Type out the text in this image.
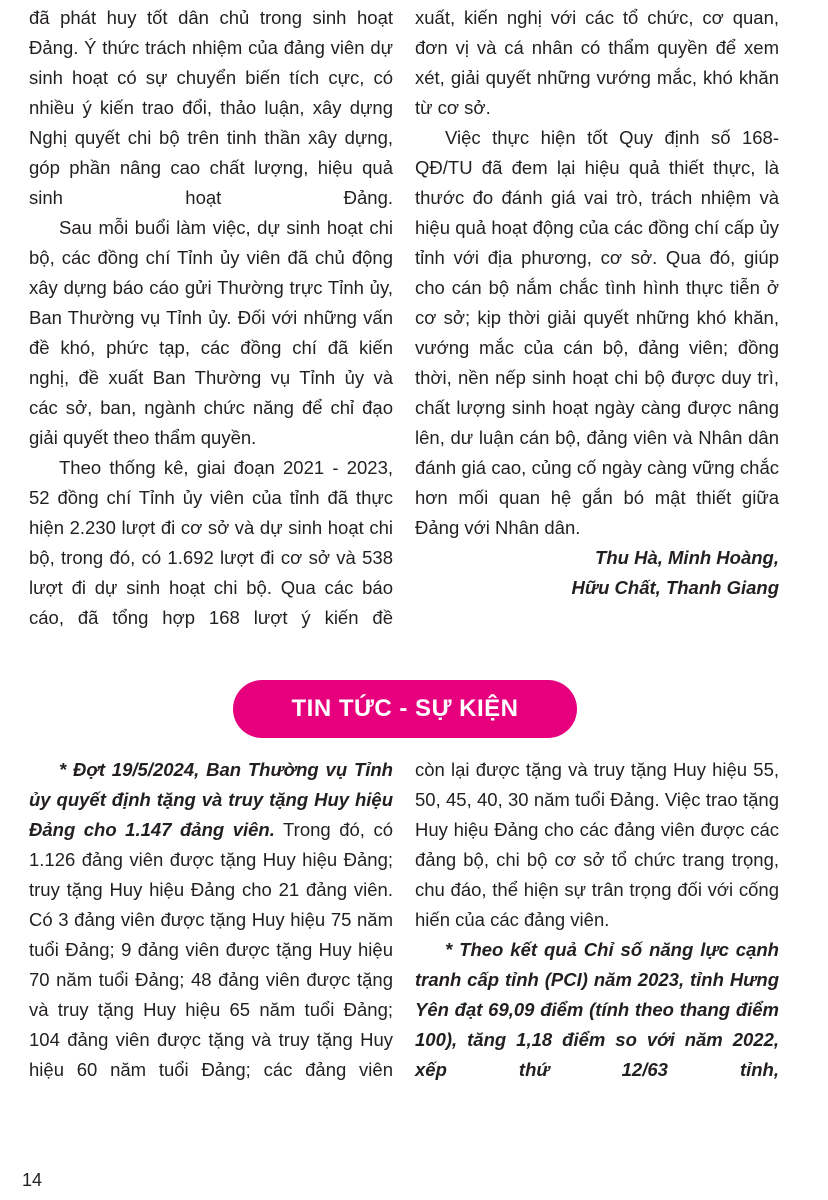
đã phát huy tốt dân chủ trong sinh hoạt Đảng. Ý thức trách nhiệm của đảng viên dự sinh hoạt có sự chuyển biến tích cực, có nhiều ý kiến trao đổi, thảo luận, xây dựng Nghị quyết chi bộ trên tinh thần xây dựng, góp phần nâng cao chất lượng, hiệu quả sinh hoạt Đảng.

Sau mỗi buổi làm việc, dự sinh hoạt chi bộ, các đồng chí Tỉnh ủy viên đã chủ động xây dựng báo cáo gửi Thường trực Tỉnh ủy, Ban Thường vụ Tỉnh ủy. Đối với những vấn đề khó, phức tạp, các đồng chí đã kiến nghị, đề xuất Ban Thường vụ Tỉnh ủy và các sở, ban, ngành chức năng để chỉ đạo giải quyết theo thẩm quyền.

Theo thống kê, giai đoạn 2021 - 2023, 52 đồng chí Tỉnh ủy viên của tỉnh đã thực hiện 2.230 lượt đi cơ sở và dự sinh hoạt chi bộ, trong đó, có 1.692 lượt đi cơ sở và 538 lượt đi dự sinh hoạt chi bộ. Qua các báo cáo, đã tổng hợp 168 lượt ý kiến đề

xuất, kiến nghị với các tổ chức, cơ quan, đơn vị và cá nhân có thẩm quyền để xem xét, giải quyết những vướng mắc, khó khăn từ cơ sở.

Việc thực hiện tốt Quy định số 168-QĐ/TU đã đem lại hiệu quả thiết thực, là thước đo đánh giá vai trò, trách nhiệm và hiệu quả hoạt động của các đồng chí cấp ủy tỉnh với địa phương, cơ sở. Qua đó, giúp cho cán bộ nắm chắc tình hình thực tiễn ở cơ sở; kịp thời giải quyết những khó khăn, vướng mắc của cán bộ, đảng viên; đồng thời, nền nếp sinh hoạt chi bộ được duy trì, chất lượng sinh hoạt ngày càng được nâng lên, dư luận cán bộ, đảng viên và Nhân dân đánh giá cao, củng cố ngày càng vững chắc hơn mối quan hệ gắn bó mật thiết giữa Đảng với Nhân dân.

Thu Hà, Minh Hoàng,

Hữu Chất, Thanh Giang

TIN TỨC - SỰ KIỆN

* Đợt 19/5/2024, Ban Thường vụ Tỉnh ủy quyết định tặng và truy tặng Huy hiệu Đảng cho 1.147 đảng viên. Trong đó, có 1.126 đảng viên được tặng Huy hiệu Đảng; truy tặng Huy hiệu Đảng cho 21 đảng viên. Có 3 đảng viên được tặng Huy hiệu 75 năm tuổi Đảng; 9 đảng viên được tặng Huy hiệu 70 năm tuổi Đảng; 48 đảng viên được tặng và truy tặng Huy hiệu 65 năm tuổi Đảng; 104 đảng viên được tặng và truy tặng Huy hiệu 60 năm tuổi Đảng; các đảng viên

còn lại được tặng và truy tặng Huy hiệu 55, 50, 45, 40, 30 năm tuổi Đảng. Việc trao tặng Huy hiệu Đảng cho các đảng viên được các đảng bộ, chi bộ cơ sở tổ chức trang trọng, chu đáo, thể hiện sự trân trọng đối với cống hiến của các đảng viên.

* Theo kết quả Chỉ số năng lực cạnh tranh cấp tỉnh (PCI) năm 2023, tỉnh Hưng Yên đạt 69,09 điểm (tính theo thang điểm 100), tăng 1,18 điểm so với năm 2022, xếp thứ 12/63 tỉnh,

14
